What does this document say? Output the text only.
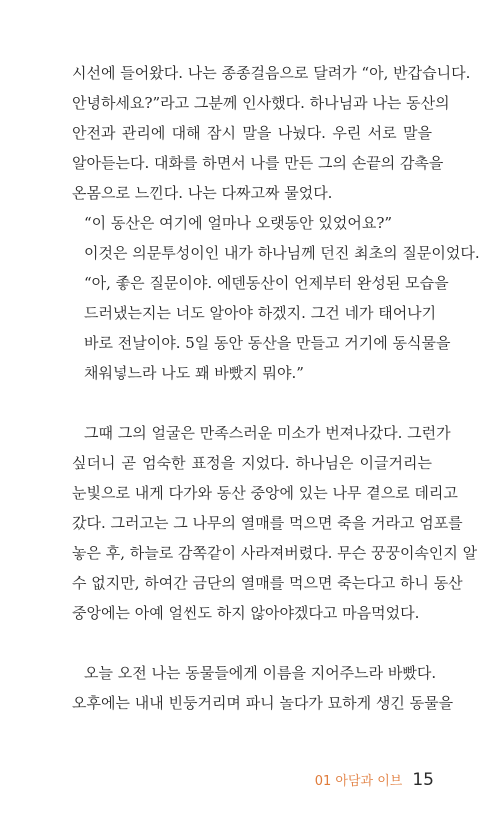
시선에 들어왔다. 나는 종종걸음으로 달려가 “아, 반갑습니다.
안녕하세요?”라고 그분께 인사했다. 하나님과 나는 동산의
안전과 관리에 대해 잠시 말을 나눴다. 우린 서로 말을
알아듣는다. 대화를 하면서 나를 만든 그의 손끝의 감촉을
온몸으로 느낀다. 나는 다짜고짜 물었다.
“이 동산은 여기에 얼마나 오랫동안 있었어요?”
이것은 의문투성이인 내가 하나님께 던진 최초의 질문이었다.
“아, 좋은 질문이야. 에덴동산이 언제부터 완성된 모습을
드러냈는지는 너도 알아야 하겠지. 그건 네가 태어나기
바로 전날이야. 5일 동안 동산을 만들고 거기에 동식물을
채워넣느라 나도 꽤 바빴지 뭐야.”
그때 그의 얼굴은 만족스러운 미소가 번져나갔다. 그런가
싶더니 곧 엄숙한 표정을 지었다. 하나님은 이글거리는
눈빛으로 내게 다가와 동산 중앙에 있는 나무 곁으로 데리고
갔다. 그러고는 그 나무의 열매를 먹으면 죽을 거라고 엄포를
놓은 후, 하늘로 감쪽같이 사라져버렸다. 무슨 꿍꿍이속인지 알
수 없지만, 하여간 금단의 열매를 먹으면 죽는다고 하니 동산
중앙에는 아예 얼씬도 하지 않아야겠다고 마음먹었다.
오늘 오전 나는 동물들에게 이름을 지어주느라 바빴다.
오후에는 내내 빈둥거리며 파니 놀다가 묘하게 생긴 동물을
01 아담과 이브 15
